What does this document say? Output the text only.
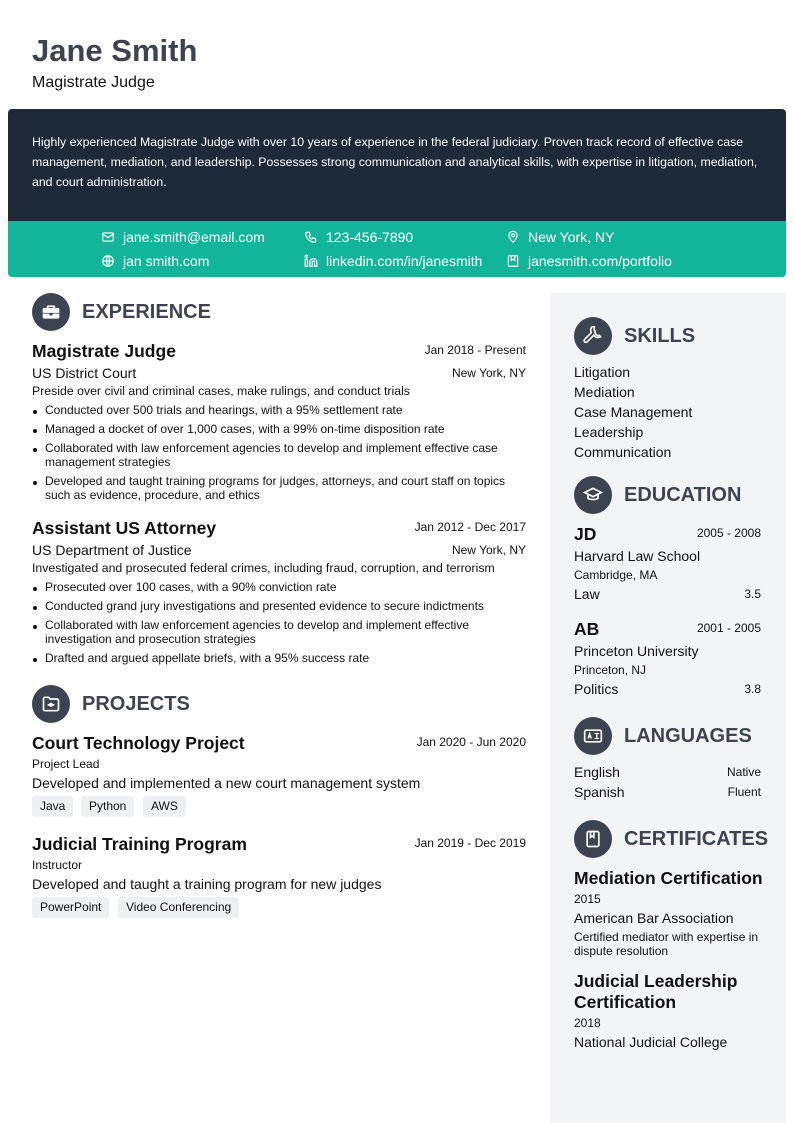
Jane Smith
Magistrate Judge
Highly experienced Magistrate Judge with over 10 years of experience in the federal judiciary. Proven track record of effective case management, mediation, and leadership. Possesses strong communication and analytical skills, with expertise in litigation, mediation, and court administration.
jane.smith@email.com	123-456-7890	New York, NY
jan smith.com	linkedin.com/in/janesmith	janesmith.com/portfolio
EXPERIENCE
Magistrate Judge	Jan 2018 - Present
US District Court	New York, NY
Preside over civil and criminal cases, make rulings, and conduct trials
Conducted over 500 trials and hearings, with a 95% settlement rate
Managed a docket of over 1,000 cases, with a 99% on-time disposition rate
Collaborated with law enforcement agencies to develop and implement effective case management strategies
Developed and taught training programs for judges, attorneys, and court staff on topics such as evidence, procedure, and ethics
Assistant US Attorney	Jan 2012 - Dec 2017
US Department of Justice	New York, NY
Investigated and prosecuted federal crimes, including fraud, corruption, and terrorism
Prosecuted over 100 cases, with a 90% conviction rate
Conducted grand jury investigations and presented evidence to secure indictments
Collaborated with law enforcement agencies to develop and implement effective investigation and prosecution strategies
Drafted and argued appellate briefs, with a 95% success rate
PROJECTS
Court Technology Project	Jan 2020 - Jun 2020
Project Lead
Developed and implemented a new court management system
Java	Python	AWS
Judicial Training Program	Jan 2019 - Dec 2019
Instructor
Developed and taught a training program for new judges
PowerPoint	Video Conferencing
SKILLS
Litigation
Mediation
Case Management
Leadership
Communication
EDUCATION
JD	2005 - 2008
Harvard Law School
Cambridge, MA
Law	3.5
AB	2001 - 2005
Princeton University
Princeton, NJ
Politics	3.8
LANGUAGES
English	Native
Spanish	Fluent
CERTIFICATES
Mediation Certification
2015
American Bar Association
Certified mediator with expertise in dispute resolution
Judicial Leadership Certification
2018
National Judicial College
